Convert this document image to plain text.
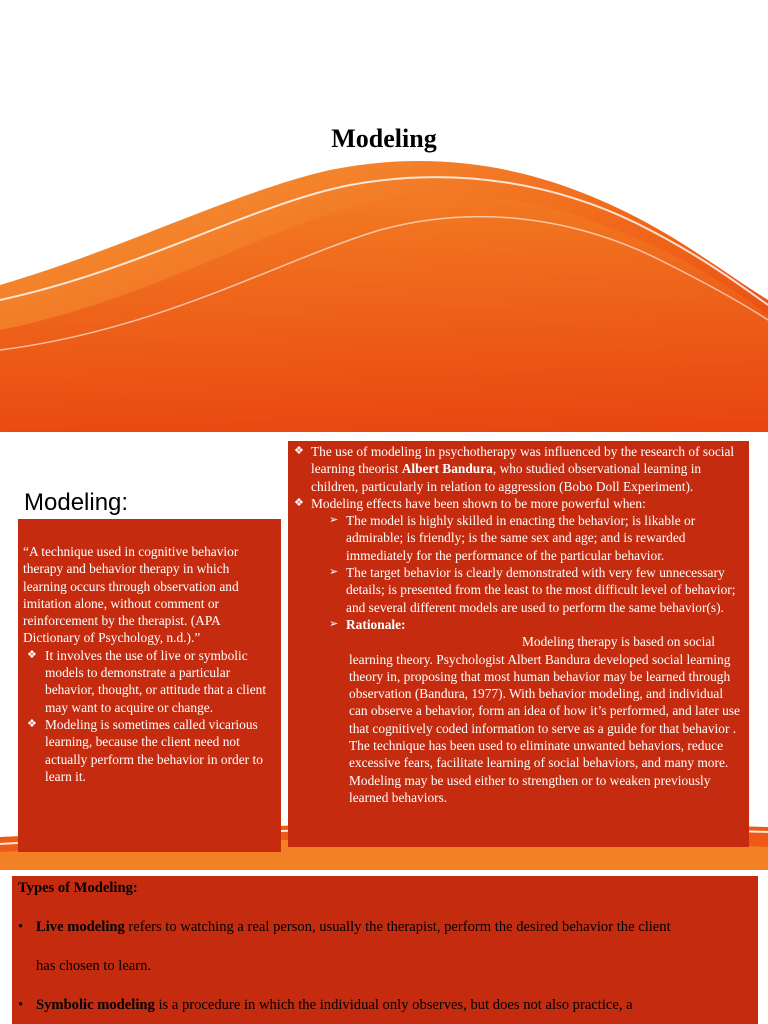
Modeling
Modeling:

“A technique used in cognitive behavior therapy and behavior therapy in which learning occurs through observation and imitation alone, without comment or reinforcement by the therapist. (APA Dictionary of Psychology, n.d.).”

❖ It involves the use of live or symbolic models to demonstrate a particular behavior, thought, or attitude that a client may want to acquire or change.
❖ Modeling is sometimes called vicarious learning, because the client need not actually perform the behavior in order to learn it.
❖ The use of modeling in psychotherapy was influenced by the research of social learning theorist Albert Bandura, who studied observational learning in children, particularly in relation to aggression (Bobo Doll Experiment).
❖ Modeling effects have been shown to be more powerful when:
➢ The model is highly skilled in enacting the behavior; is likable or admirable; is friendly; is the same sex and age; and is rewarded immediately for the performance of the particular behavior.
➢ The target behavior is clearly demonstrated with very few unnecessary details; is presented from the least to the most difficult level of behavior; and several different models are used to perform the same behavior(s).
➢ Rationale:

Modeling therapy is based on social learning theory. Psychologist Albert Bandura developed social learning theory in, proposing that most human behavior may be learned through observation (Bandura, 1977). With behavior modeling, and individual can observe a behavior, form an idea of how it’s performed, and later use that cognitively coded information to serve as a guide for that behavior . The technique has been used to eliminate unwanted behaviors, reduce excessive fears, facilitate learning of social behaviors, and many more. Modeling may be used either to strengthen or to weaken previously learned behaviors.

Types of Modeling:
• Live modeling refers to watching a real person, usually the therapist, perform the desired behavior the client
has chosen to learn.
• Symbolic modeling is a procedure in which the individual only observes, but does not also practice, a
